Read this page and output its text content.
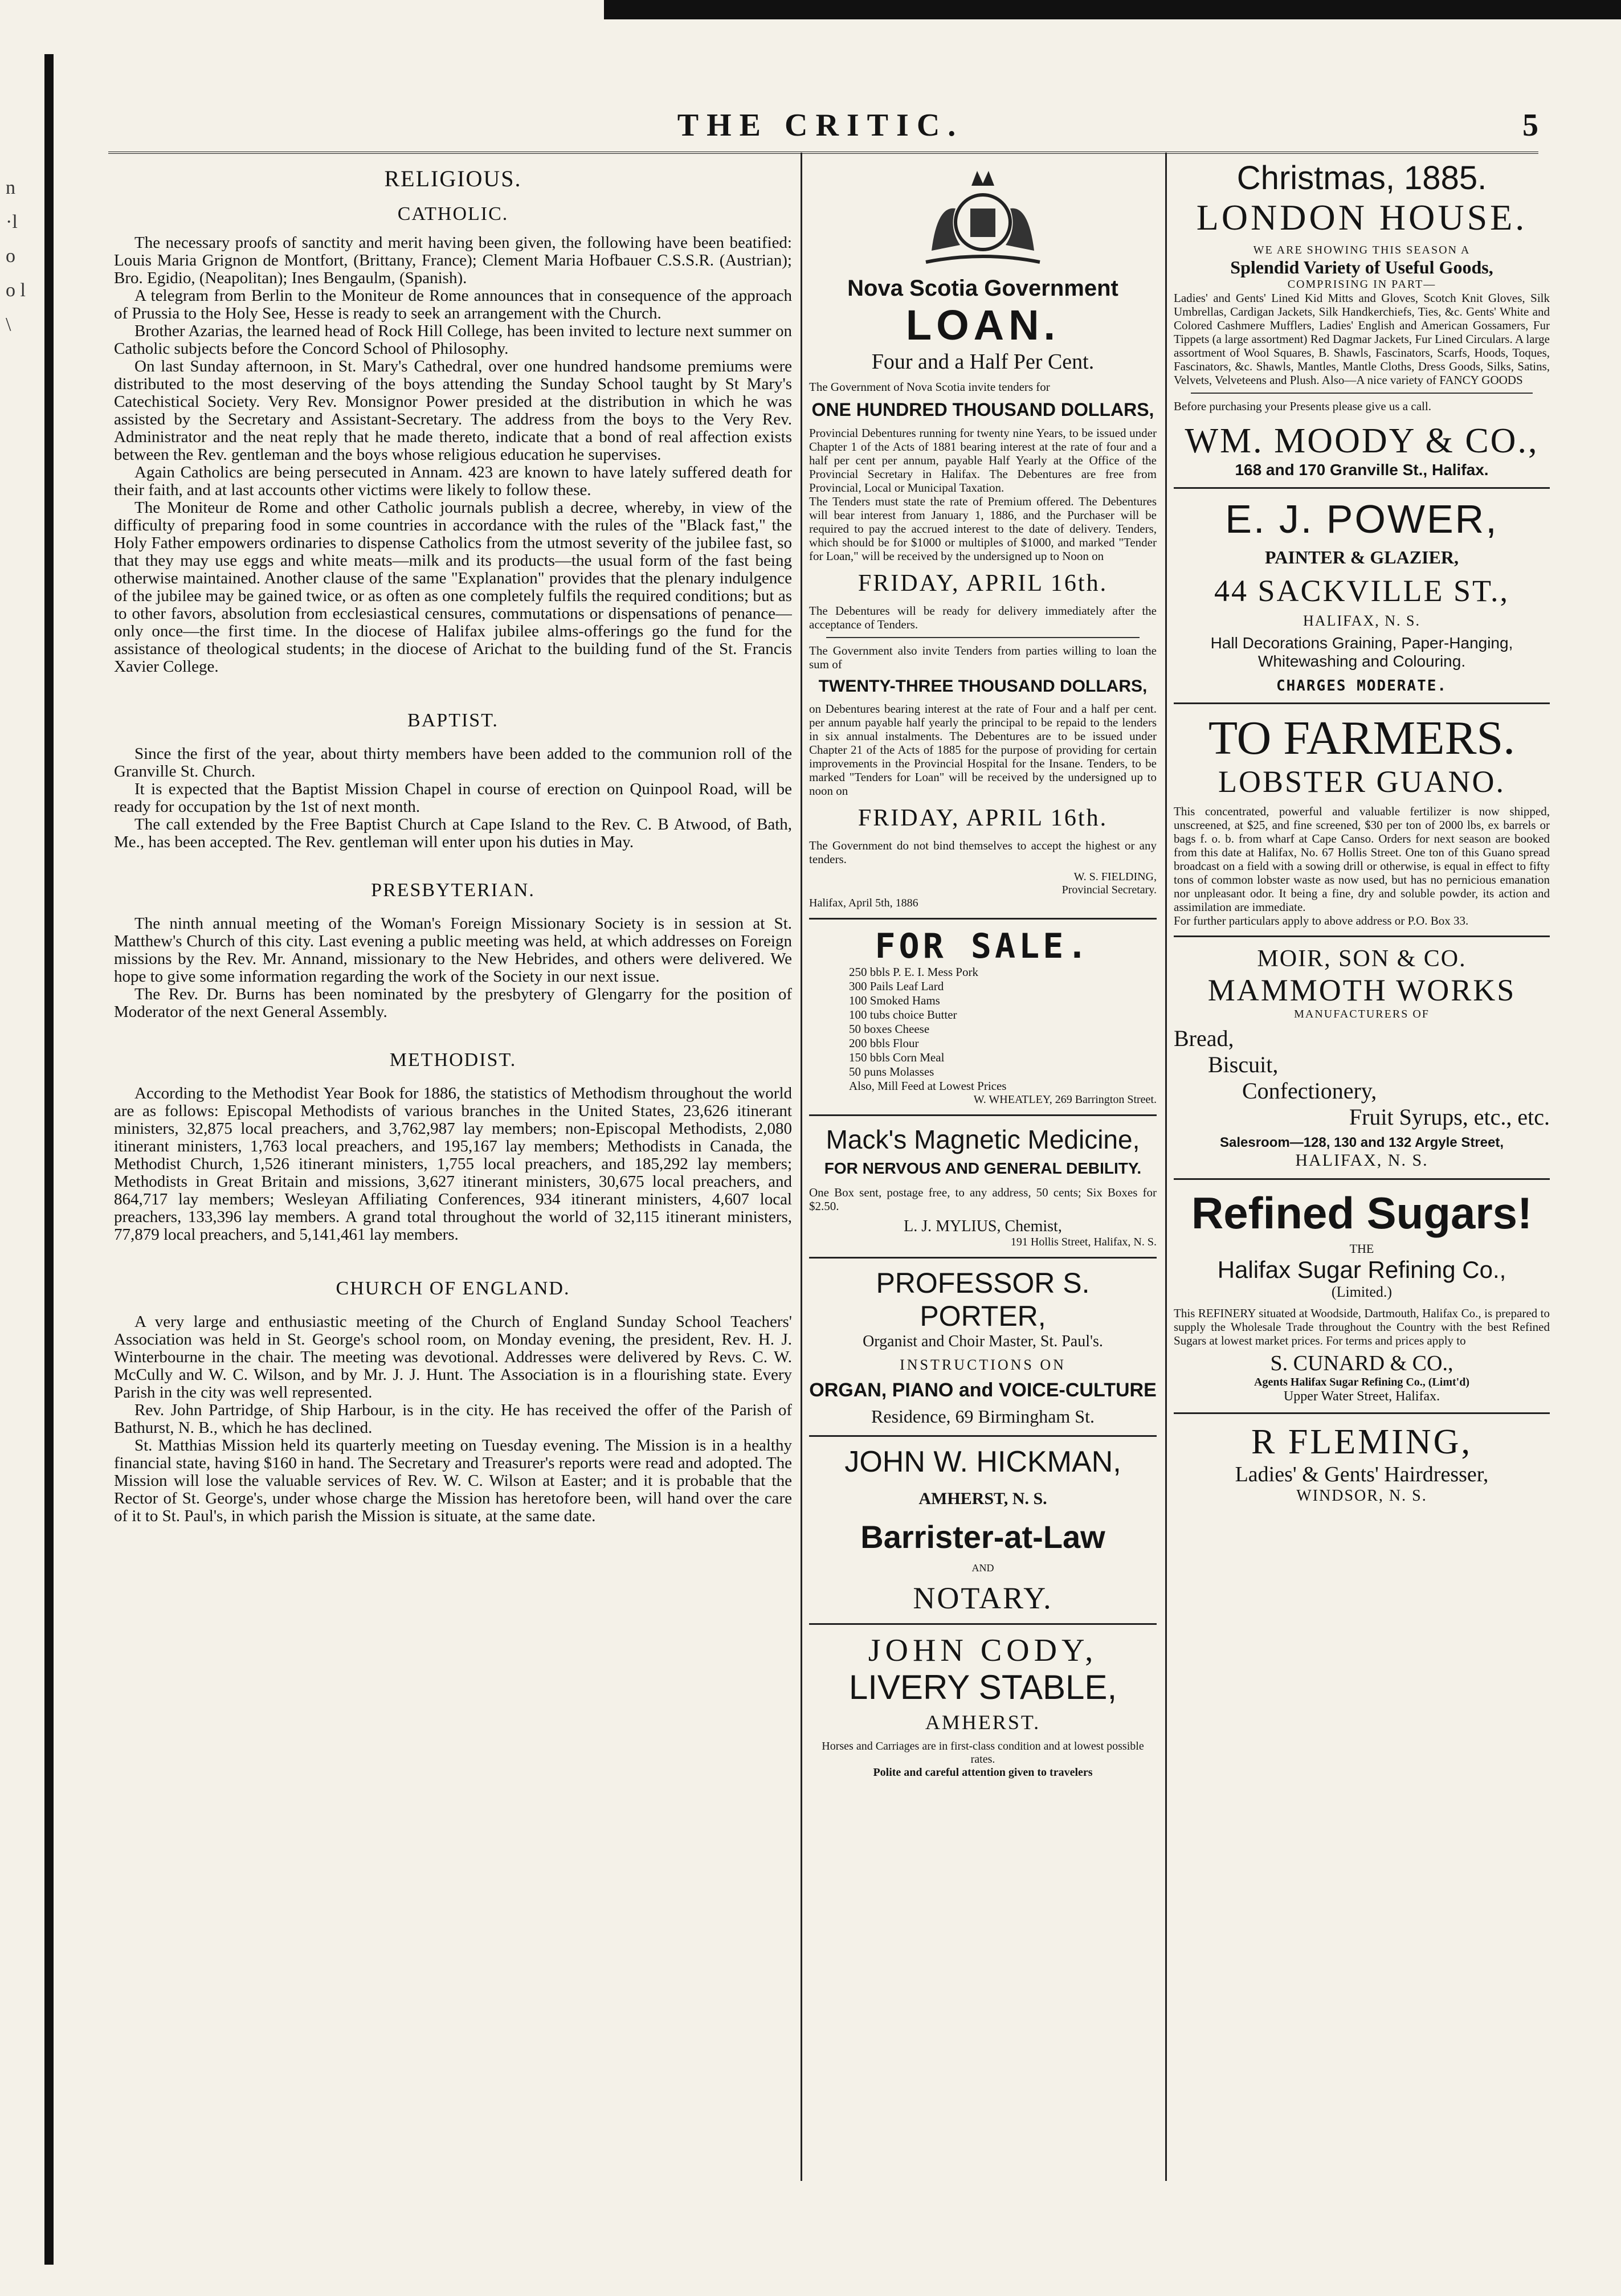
n ·l o o l \
THE CRITIC.	5

RELIGIOUS.

CATHOLIC.

The necessary proofs of sanctity and merit having been given, the following have been beatified: Louis Maria Grignon de Montfort, (Brittany, France); Clement Maria Hofbauer C.S.S.R. (Austrian); Bro. Egidio, (Neapolitan); Ines Bengaulm, (Spanish).

A telegram from Berlin to the Moniteur de Rome announces that in consequence of the approach of Prussia to the Holy See, Hesse is ready to seek an arrangement with the Church.

Brother Azarias, the learned head of Rock Hill College, has been invited to lecture next summer on Catholic subjects before the Concord School of Philosophy.

On last Sunday afternoon, in St. Mary's Cathedral, over one hundred handsome premiums were distributed to the most deserving of the boys attending the Sunday School taught by St Mary's Catechistical Society. Very Rev. Monsignor Power presided at the distribution in which he was assisted by the Secretary and Assistant-Secretary. The address from the boys to the Very Rev. Administrator and the neat reply that he made thereto, indicate that a bond of real affection exists between the Rev. gentleman and the boys whose religious education he supervises.

Again Catholics are being persecuted in Annam. 423 are known to have lately suffered death for their faith, and at last accounts other victims were likely to follow these.

The Moniteur de Rome and other Catholic journals publish a decree, whereby, in view of the difficulty of preparing food in some countries in accordance with the rules of the "Black fast," the Holy Father empowers ordinaries to dispense Catholics from the utmost severity of the jubilee fast, so that they may use eggs and white meats—milk and its products—the usual form of the fast being otherwise maintained. Another clause of the same "Explanation" provides that the plenary indulgence of the jubilee may be gained twice, or as often as one completely fulfils the required conditions; but as to other favors, absolution from ecclesiastical censures, commutations or dispensations of penance—only once—the first time. In the diocese of Halifax jubilee alms-offerings go the fund for the assistance of theological students; in the diocese of Arichat to the building fund of the St. Francis Xavier College.

BAPTIST.

Since the first of the year, about thirty members have been added to the communion roll of the Granville St. Church.

It is expected that the Baptist Mission Chapel in course of erection on Quinpool Road, will be ready for occupation by the 1st of next month.

The call extended by the Free Baptist Church at Cape Island to the Rev. C. B Atwood, of Bath, Me., has been accepted. The Rev. gentleman will enter upon his duties in May.

PRESBYTERIAN.

The ninth annual meeting of the Woman's Foreign Missionary Society is in session at St. Matthew's Church of this city. Last evening a public meeting was held, at which addresses on Foreign missions by the Rev. Mr. Annand, missionary to the New Hebrides, and others were delivered. We hope to give some information regarding the work of the Society in our next issue.

The Rev. Dr. Burns has been nominated by the presbytery of Glengarry for the position of Moderator of the next General Assembly.

METHODIST.

According to the Methodist Year Book for 1886, the statistics of Methodism throughout the world are as follows: Episcopal Methodists of various branches in the United States, 23,626 itinerant ministers, 32,875 local preachers, and 3,762,987 lay members; non-Episcopal Methodists, 2,080 itinerant ministers, 1,763 local preachers, and 195,167 lay members; Methodists in Canada, the Methodist Church, 1,526 itinerant ministers, 1,755 local preachers, and 185,292 lay members; Methodists in Great Britain and missions, 3,627 itinerant ministers, 30,675 local preachers, and 864,717 lay members; Wesleyan Affiliating Conferences, 934 itinerant ministers, 4,607 local preachers, 133,396 lay members. A grand total throughout the world of 32,115 itinerant ministers, 77,879 local preachers, and 5,141,461 lay members.

CHURCH OF ENGLAND.

A very large and enthusiastic meeting of the Church of England Sunday School Teachers' Association was held in St. George's school room, on Monday evening, the president, Rev. H. J. Winterbourne in the chair. The meeting was devotional. Addresses were delivered by Revs. C. W. McCully and W. C. Wilson, and by Mr. J. J. Hunt. The Association is in a flourishing state. Every Parish in the city was well represented.

Rev. John Partridge, of Ship Harbour, is in the city. He has received the offer of the Parish of Bathurst, N. B., which he has declined.

St. Matthias Mission held its quarterly meeting on Tuesday evening. The Mission is in a healthy financial state, having $160 in hand. The Secretary and Treasurer's reports were read and adopted. The Mission will lose the valuable services of Rev. W. C. Wilson at Easter; and it is probable that the Rector of St. George's, under whose charge the Mission has heretofore been, will hand over the care of it to St. Paul's, in which parish the Mission is situate, at the same date.

Nova Scotia Government

LOAN.

Four and a Half Per Cent.

The Government of Nova Scotia invite tenders for

ONE HUNDRED THOUSAND DOLLARS,

Provincial Debentures running for twenty nine Years, to be issued under Chapter 1 of the Acts of 1881 bearing interest at the rate of four and a half per cent per annum, payable Half Yearly at the Office of the Provincial Secretary in Halifax. The Debentures are free from Provincial, Local or Municipal Taxation.

The Tenders must state the rate of Premium offered. The Debentures will bear interest from January 1, 1886, and the Purchaser will be required to pay the accrued interest to the date of delivery. Tenders, which should be for $1000 or multiples of $1000, and marked "Tender for Loan," will be received by the undersigned up to Noon on

FRIDAY, APRIL 16th.

The Debentures will be ready for delivery immediately after the acceptance of Tenders.

The Government also invite Tenders from parties willing to loan the sum of

TWENTY-THREE THOUSAND DOLLARS,

on Debentures bearing interest at the rate of Four and a half per cent. per annum payable half yearly the principal to be repaid to the lenders in six annual instalments. The Debentures are to be issued under Chapter 21 of the Acts of 1885 for the purpose of providing for certain improvements in the Provincial Hospital for the Insane. Tenders, to be marked "Tenders for Loan" will be received by the undersigned up to noon on

FRIDAY, APRIL 16th.

The Government do not bind themselves to accept the highest or any tenders.

W. S. FIELDING,

Provincial Secretary.

Halifax, April 5th, 1886

FOR SALE.

250 bbls P. E. I. Mess Pork
300 Pails Leaf Lard
100 Smoked Hams
100 tubs choice Butter
50 boxes Cheese
200 bbls Flour
150 bbls Corn Meal
50 puns Molasses
Also, Mill Feed at Lowest Prices

W. WHEATLEY, 269 Barrington Street.

Mack's Magnetic Medicine,

FOR NERVOUS AND GENERAL DEBILITY.

One Box sent, postage free, to any address, 50 cents; Six Boxes for $2.50.

L. J. MYLIUS, Chemist,

191 Hollis Street, Halifax, N. S.

PROFESSOR S. PORTER,

Organist and Choir Master, St. Paul's.

INSTRUCTIONS ON

ORGAN, PIANO and VOICE-CULTURE

Residence, 69 Birmingham St.

JOHN W. HICKMAN,

AMHERST, N. S.

Barrister-at-Law

AND

NOTARY.

JOHN CODY,

LIVERY STABLE,

AMHERST.

Horses and Carriages are in first-class condition and at lowest possible rates.

Polite and careful attention given to travelers

Christmas, 1885.

LONDON HOUSE.

WE ARE SHOWING THIS SEASON A

Splendid Variety of Useful Goods,

COMPRISING IN PART—

Ladies' and Gents' Lined Kid Mitts and Gloves, Scotch Knit Gloves, Silk Umbrellas, Cardigan Jackets, Silk Handkerchiefs, Ties, &c. Gents' White and Colored Cashmere Mufflers, Ladies' English and American Gossamers, Fur Tippets (a large assortment) Red Dagmar Jackets, Fur Lined Circulars. A large assortment of Wool Squares, B. Shawls, Fascinators, Scarfs, Hoods, Toques, Fascinators, &c. Shawls, Mantles, Mantle Cloths, Dress Goods, Silks, Satins, Velvets, Velveteens and Plush. Also—A nice variety of FANCY GOODS

Before purchasing your Presents please give us a call.

WM. MOODY & CO.,

168 and 170 Granville St., Halifax.

E. J. POWER,

PAINTER & GLAZIER,

44 SACKVILLE ST.,

HALIFAX, N. S.

Hall Decorations Graining, Paper-Hanging, Whitewashing and Colouring.

CHARGES MODERATE.

TO FARMERS.

LOBSTER GUANO.

This concentrated, powerful and valuable fertilizer is now shipped, unscreened, at $25, and fine screened, $30 per ton of 2000 lbs, ex barrels or bags f. o. b. from wharf at Cape Canso. Orders for next season are booked from this date at Halifax, No. 67 Hollis Street. One ton of this Guano spread broadcast on a field with a sowing drill or otherwise, is equal in effect to fifty tons of common lobster waste as now used, but has no pernicious emanation nor unpleasant odor. It being a fine, dry and soluble powder, its action and assimilation are immediate.

For further particulars apply to above address or P.O. Box 33.

MOIR, SON & CO.

MAMMOTH WORKS

MANUFACTURERS OF

Bread,

Biscuit,

Confectionery,

Fruit Syrups, etc., etc.

Salesroom—128, 130 and 132 Argyle Street,

HALIFAX, N. S.

Refined Sugars!

THE

Halifax Sugar Refining Co.,

(Limited.)

This REFINERY situated at Woodside, Dartmouth, Halifax Co., is prepared to supply the Wholesale Trade throughout the Country with the best Refined Sugars at lowest market prices. For terms and prices apply to

S. CUNARD & CO.,

Agents Halifax Sugar Refining Co., (Limt'd)

Upper Water Street, Halifax.

R FLEMING,

Ladies' & Gents' Hairdresser,

WINDSOR, N. S.
